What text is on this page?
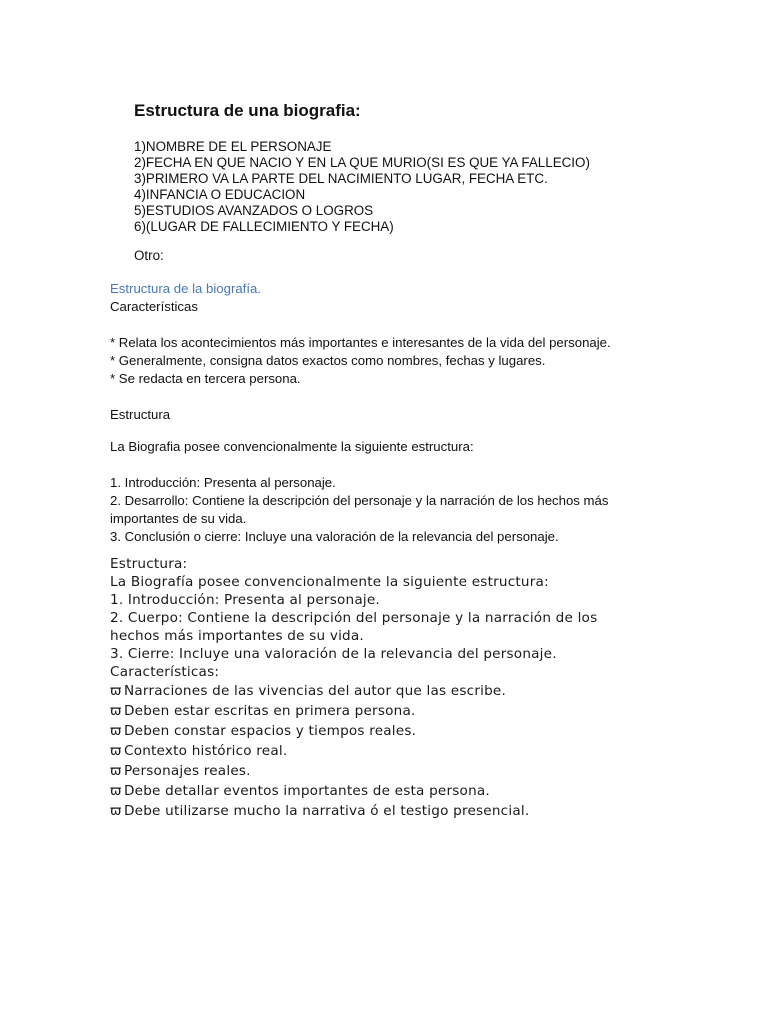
Estructura de una biografia:
1)NOMBRE DE EL PERSONAJE
2)FECHA EN QUE NACIO Y EN LA QUE MURIO(SI ES QUE YA FALLECIO)
3)PRIMERO VA LA PARTE DEL NACIMIENTO LUGAR, FECHA ETC.
4)INFANCIA O EDUCACION
5)ESTUDIOS AVANZADOS O LOGROS
6)(LUGAR DE FALLECIMIENTO Y FECHA)
Otro:
Estructura de la biografía.
Características
* Relata los acontecimientos más importantes e interesantes de la vida del personaje.
* Generalmente, consigna datos exactos como nombres, fechas y lugares.
* Se redacta en tercera persona.
Estructura
La Biografia posee convencionalmente la siguiente estructura:
1. Introducción: Presenta al personaje.
2. Desarrollo: Contiene la descripción del personaje y la narración de los hechos más
importantes de su vida.
3. Conclusión o cierre: Incluye una valoración de la relevancia del personaje.
Estructura:
La Biografía posee convencionalmente la siguiente estructura:
1. Introducción: Presenta al personaje.
2. Cuerpo: Contiene la descripción del personaje y la narración de los
hechos más importantes de su vida.
3. Cierre: Incluye una valoración de la relevancia del personaje.
Características:
ϖ Narraciones de las vivencias del autor que las escribe.
ϖ Deben estar escritas en primera persona.
ϖ Deben constar espacios y tiempos reales.
ϖ Contexto histórico real.
ϖ Personajes reales.
ϖ Debe detallar eventos importantes de esta persona.
ϖ Debe utilizarse mucho la narrativa ó el testigo presencial.
